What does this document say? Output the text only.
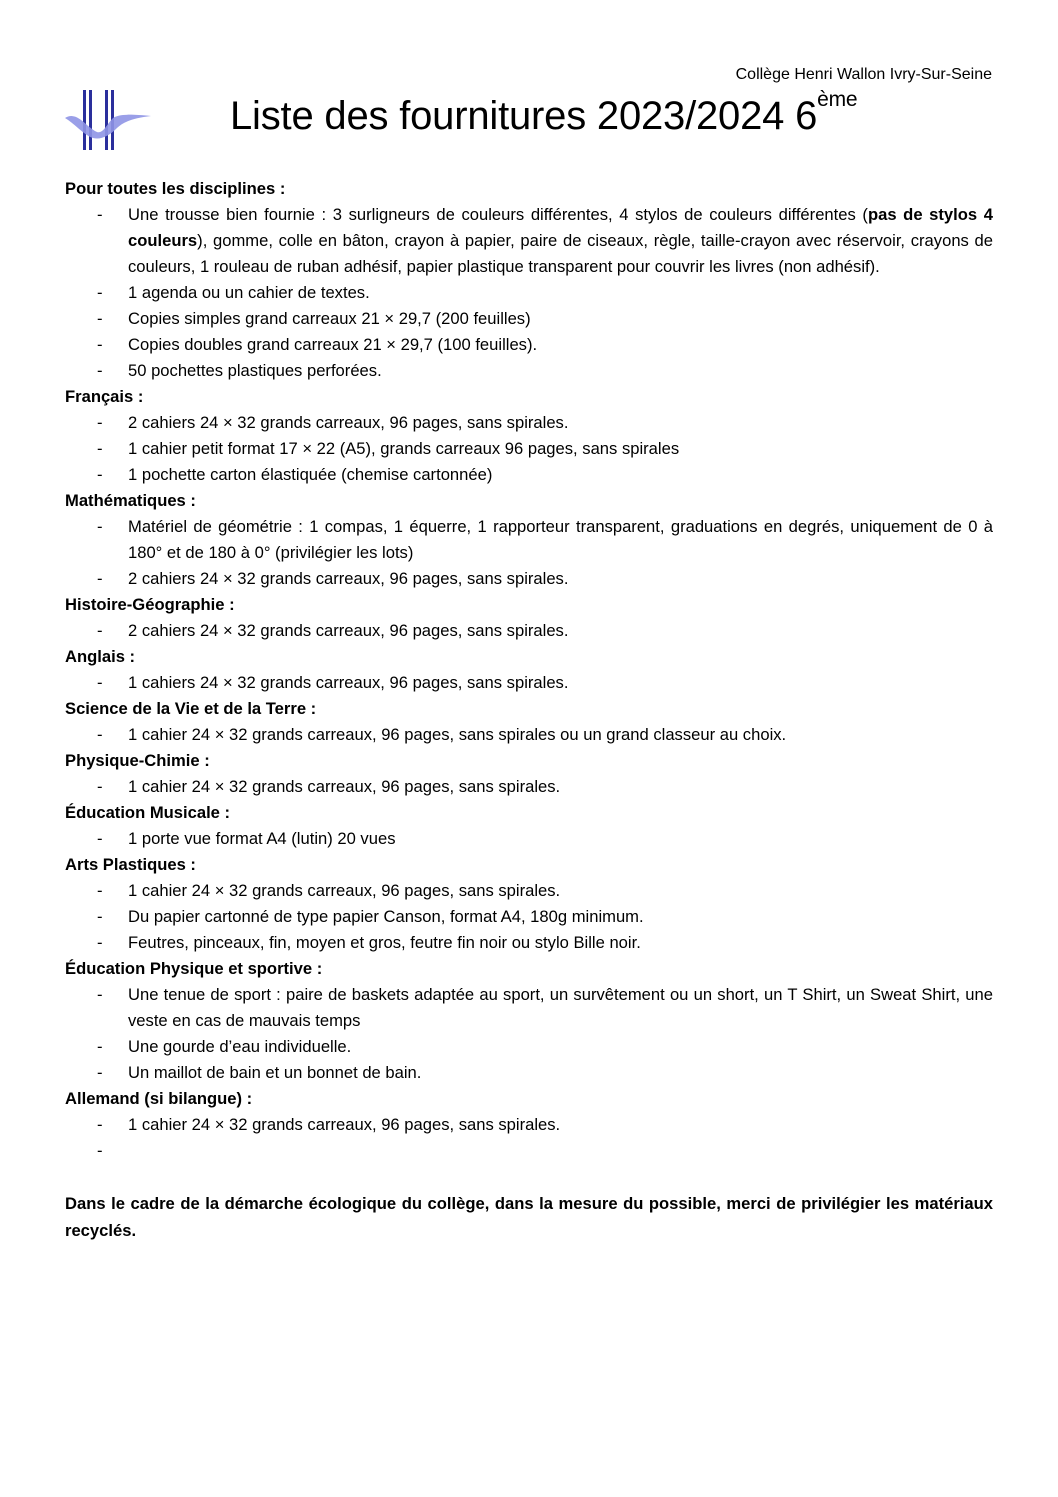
Collège Henri Wallon Ivry-Sur-Seine
Liste des fournitures 2023/2024 6ème
Pour toutes les disciplines :
- Une trousse bien fournie : 3 surligneurs de couleurs différentes, 4 stylos de couleurs différentes (pas de stylos 4 couleurs), gomme, colle en bâton, crayon à papier, paire de ciseaux, règle, taille-crayon avec réservoir, crayons de couleurs, 1 rouleau de ruban adhésif, papier plastique transparent pour couvrir les livres (non adhésif).
- 1 agenda ou un cahier de textes.
- Copies simples grand carreaux 21 × 29,7 (200 feuilles)
- Copies doubles grand carreaux 21 × 29,7 (100 feuilles).
- 50 pochettes plastiques perforées.
Français :
- 2 cahiers 24 × 32 grands carreaux, 96 pages, sans spirales.
- 1 cahier petit format 17 × 22 (A5), grands carreaux 96 pages, sans spirales
- 1 pochette carton élastiquée (chemise cartonnée)
Mathématiques :
- Matériel de géométrie : 1 compas, 1 équerre, 1 rapporteur transparent, graduations en degrés, uniquement de 0 à 180° et de 180 à 0° (privilégier les lots)
- 2 cahiers 24 × 32 grands carreaux, 96 pages, sans spirales.
Histoire-Géographie :
- 2 cahiers 24 × 32 grands carreaux, 96 pages, sans spirales.
Anglais :
- 1 cahiers 24 × 32 grands carreaux, 96 pages, sans spirales.
Science de la Vie et de la Terre :
- 1 cahier 24 × 32 grands carreaux, 96 pages, sans spirales ou un grand classeur au choix.
Physique-Chimie :
- 1 cahier 24 × 32 grands carreaux, 96 pages, sans spirales.
Éducation Musicale :
- 1 porte vue format A4 (lutin) 20 vues
Arts Plastiques :
- 1 cahier 24 × 32 grands carreaux, 96 pages, sans spirales.
- Du papier cartonné de type papier Canson, format A4, 180g minimum.
- Feutres, pinceaux, fin, moyen et gros, feutre fin noir ou stylo Bille noir.
Éducation Physique et sportive :
- Une tenue de sport : paire de baskets adaptée au sport, un survêtement ou un short, un T Shirt, un Sweat Shirt, une veste en cas de mauvais temps
- Une gourde d’eau individuelle.
- Un maillot de bain et un bonnet de bain.
Allemand (si bilangue) :
- 1 cahier 24 × 32 grands carreaux, 96 pages, sans spirales.
-
Dans le cadre de la démarche écologique du collège, dans la mesure du possible, merci de privilégier les matériaux recyclés.
